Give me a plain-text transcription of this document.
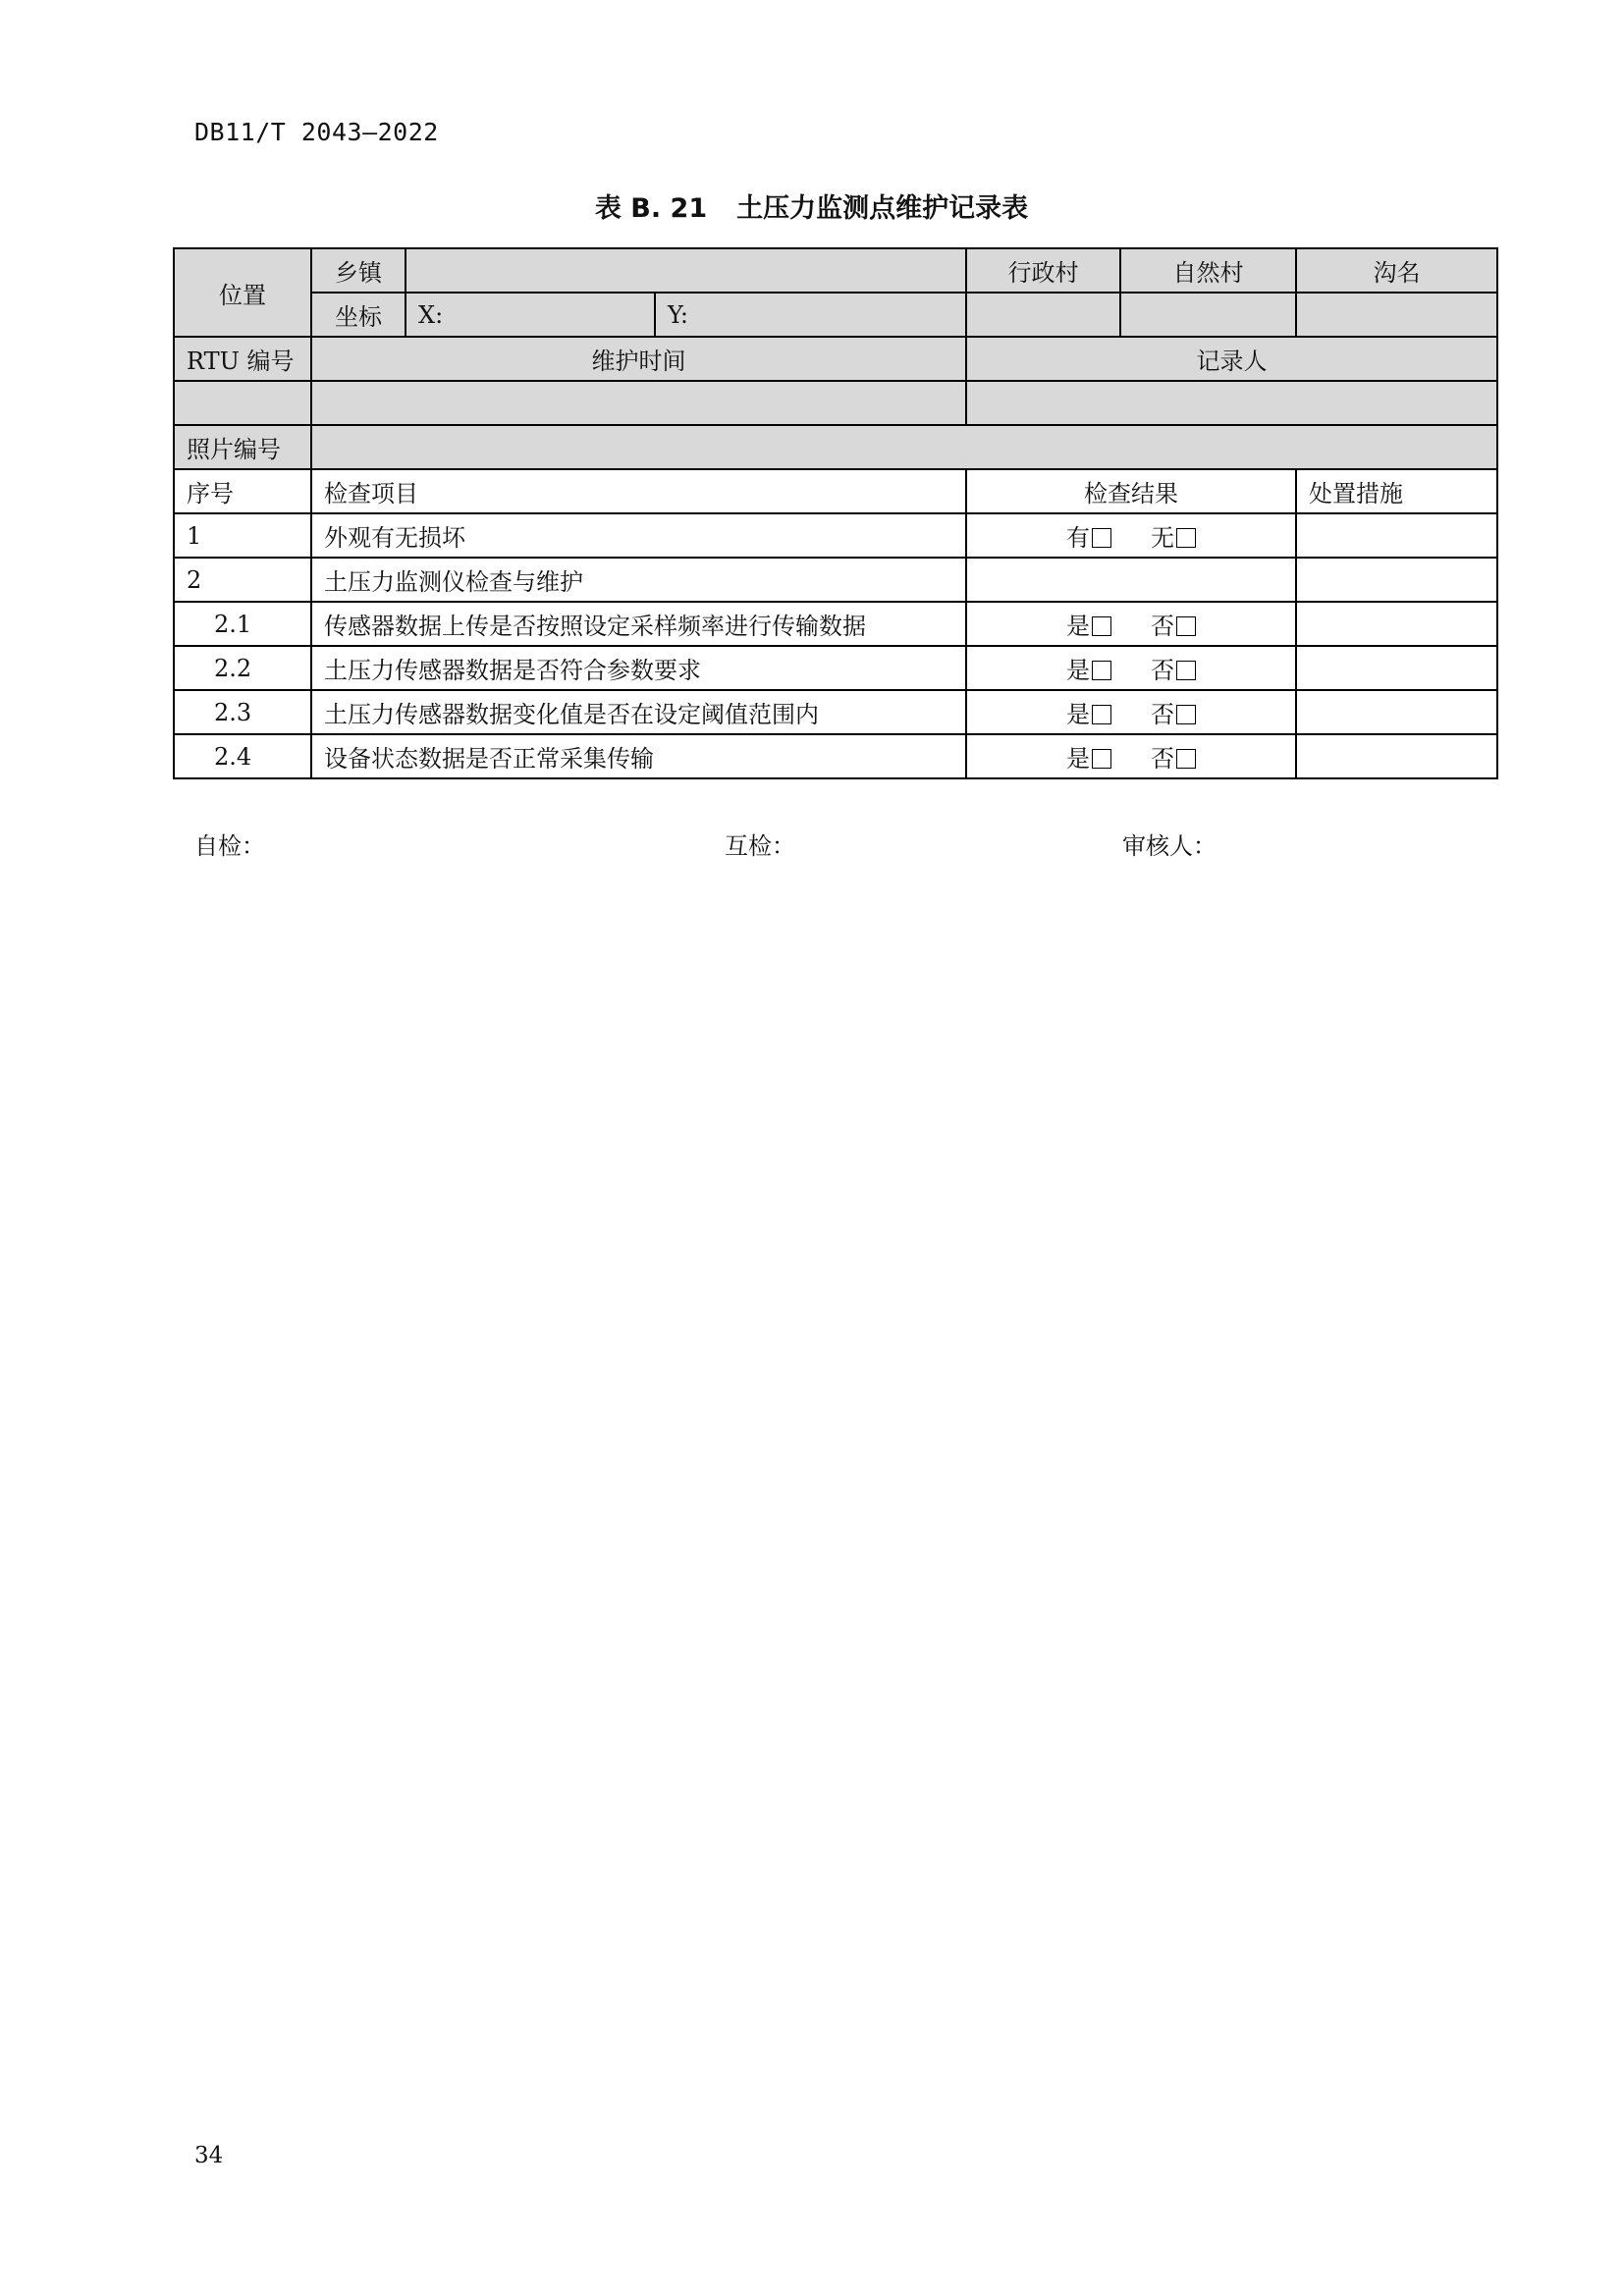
DB11/T 2043—2022
表 B. 21 土压力监测点维护记录表
位置	乡镇			行政村	自然村	沟名
	坐标	X:	Y:			
RTU 编号	维护时间			记录人		

照片编号						
序号	检查项目			检查结果		处置措施
1	外观有无损坏			有 无		
2	土压力监测仪检查与维护					
2.1	传感器数据上传是否按照设定采样频率进行传输数据			是 否		
2.2	土压力传感器数据是否符合参数要求			是 否		
2.3	土压力传感器数据变化值是否在设定阈值范围内			是 否		
2.4	设备状态数据是否正常采集传输			是 否		
自检：	互检：	审核人：
34
